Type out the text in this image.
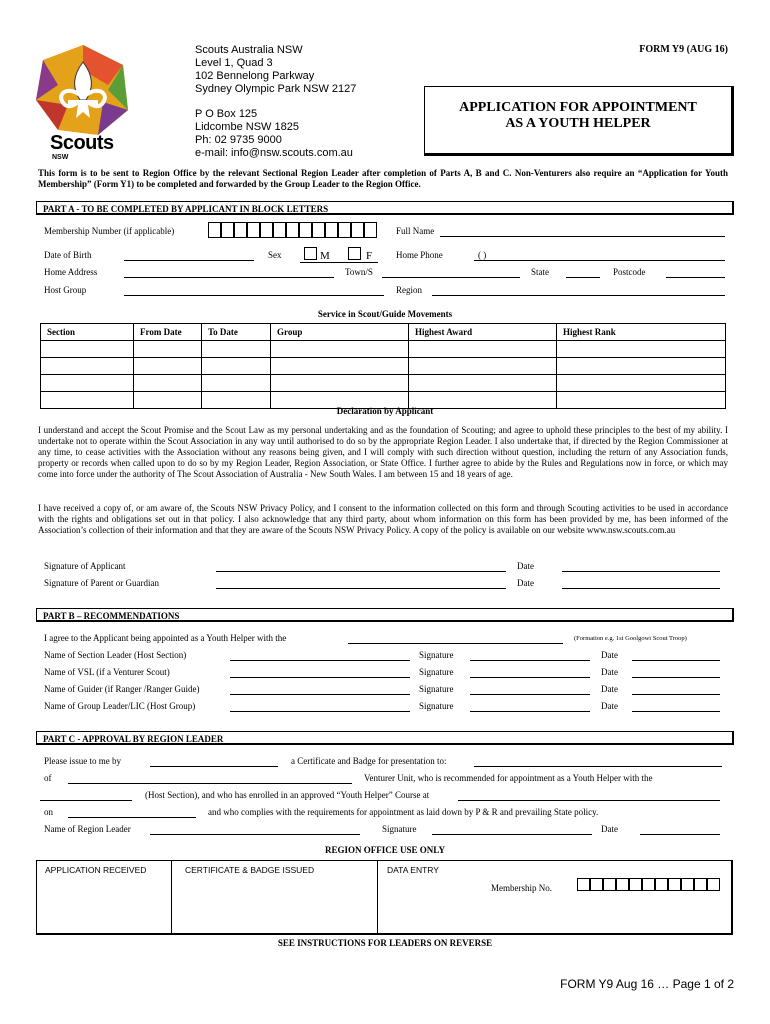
Scouts
NSW
Scouts Australia NSW
Level 1, Quad 3
102 Bennelong Parkway
Sydney Olympic Park NSW 2127
P O Box 125
Lidcombe NSW 1825
Ph: 02 9735 9000
e-mail: info@nsw.scouts.com.au
FORM Y9 (AUG 16)
APPLICATION FOR APPOINTMENT
AS A YOUTH HELPER
This form is to be sent to Region Office by the relevant Sectional Region Leader after completion of Parts A, B and C. Non-Venturers also require an “Application for Youth Membership” (Form Y1) to be completed and forwarded by the Group Leader to the Region Office.
PART A - TO BE COMPLETED BY APPLICANT IN BLOCK LETTERS
Membership Number (if applicable)	Full Name
Date of Birth	Sex	M	F	Home Phone	( )
Home Address	Town/S	State	Postcode
Host Group	Region
Service in Scout/Guide Movements
Section	From Date	To Date	Group	Highest Award	Highest Rank

Declaration by Applicant
I understand and accept the Scout Promise and the Scout Law as my personal undertaking and as the foundation of Scouting; and agree to uphold these principles to the best of my ability. I undertake not to operate within the Scout Association in any way until authorised to do so by the appropriate Region Leader. I also undertake that, if directed by the Region Commissioner at any time, to cease activities with the Association without any reasons being given, and I will comply with such direction without question, including the return of any Association funds, property or records when called upon to do so by my Region Leader, Region Association, or State Office. I further agree to abide by the Rules and Regulations now in force, or which may come into force under the authority of The Scout Association of Australia - New South Wales. I am between 15 and 18 years of age.
I have received a copy of, or am aware of, the Scouts NSW Privacy Policy, and I consent to the information collected on this form and through Scouting activities to be used in accordance with the rights and obligations set out in that policy. I also acknowledge that any third party, about whom information on this form has been provided by me, has been informed of the Association’s collection of their information and that they are aware of the Scouts NSW Privacy Policy. A copy of the policy is available on our website www.nsw.scouts.com.au
Signature of Applicant	Date
Signature of Parent or Guardian	Date
PART B – RECOMMENDATIONS
I agree to the Applicant being appointed as a Youth Helper with the	(Formation e.g. 1st Goolgowi Scout Troop)
Name of Section Leader (Host Section)	Signature	Date
Name of VSL (if a Venturer Scout)	Signature	Date
Name of Guider (if Ranger /Ranger Guide)	Signature	Date
Name of Group Leader/LIC (Host Group)	Signature	Date
PART C - APPROVAL BY REGION LEADER
Please issue to me by	a Certificate and Badge for presentation to:
of	Venturer Unit, who is recommended for appointment as a Youth Helper with the
(Host Section), and who has enrolled in an approved “Youth Helper” Course at
on	and who complies with the requirements for appointment as laid down by P & R and prevailing State policy.
Name of Region Leader	Signature	Date
REGION OFFICE USE ONLY
APPLICATION RECEIVED	CERTIFICATE & BADGE ISSUED	DATA ENTRY
Membership No.
SEE INSTRUCTIONS FOR LEADERS ON REVERSE
FORM Y9 Aug 16 … Page 1 of 2
